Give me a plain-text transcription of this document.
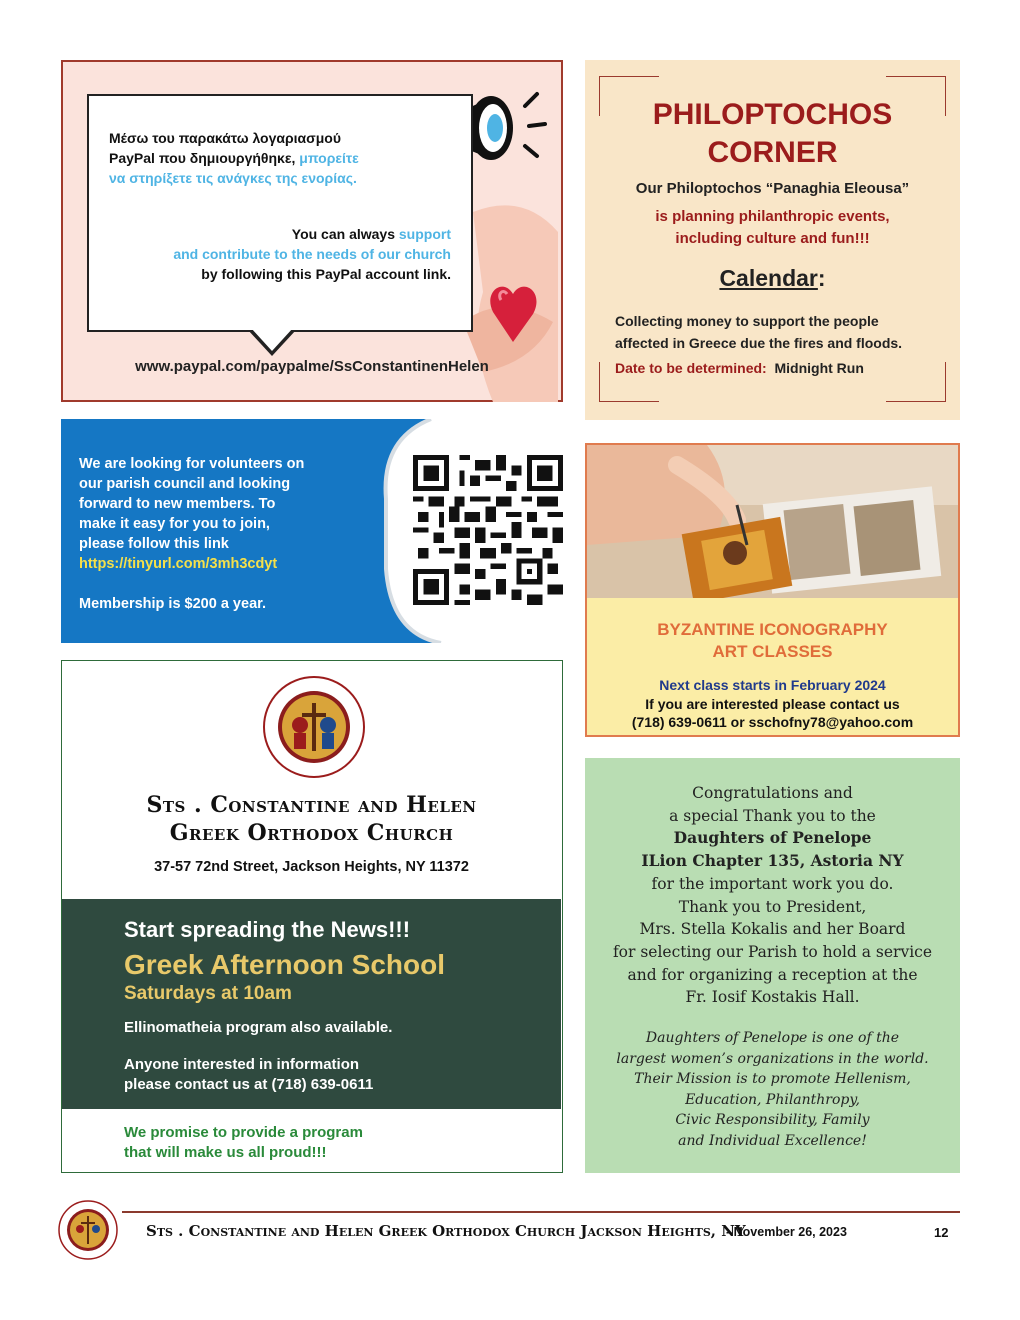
Μέσω του παρακάτω λογαριασμού
PayPal που δημιουργήθηκε, μπορείτε
να στηρίξετε τις ανάγκες της ενορίας.
You can always support
and contribute to the needs of our church
by following this PayPal account link.
www.paypal.com/paypalme/SsConstantinenHelen
PHILOPTOCHOS
CORNER
Our Philoptochos “Panaghia Eleousa”
is planning philanthropic events,
including culture and fun!!!
Calendar:
Collecting money to support the people
affected in Greece due the fires and floods.
Date to be determined: Midnight Run
We are looking for volunteers on
our parish council and looking
forward to new members. To
make it easy for you to join,
please follow this link
https://tinyurl.com/3mh3cdyt
Membership is $200 a year.
BYZANTINE ICONOGRAPHY
ART CLASSES
Next class starts in February 2024
If you are interested please contact us
(718) 639-0611 or sschofny78@yahoo.com
Sts . Constantine and Helen
Greek Orthodox Church
37-57 72nd Street, Jackson Heights, NY 11372
Start spreading the News!!!
Greek Afternoon School
Saturdays at 10am
Ellinomatheia program also available.
Anyone interested in information
please contact us at (718) 639-0611
We promise to provide a program
that will make us all proud!!!
Congratulations and
a special Thank you to the
Daughters of Penelope
ILion Chapter 135, Astoria NY
for the important work you do.
Thank you to President,
Mrs. Stella Kokalis and her Board
for selecting our Parish to hold a service
and for organizing a reception at the
Fr. Iosif Kostakis Hall.
Daughters of Penelope is one of the
largest women’s organizations in the world.
Their Mission is to promote Hellenism,
Education, Philanthropy,
Civic Responsibility, Family
and Individual Excellence!
Sts . Constantine and Helen Greek Orthodox Church Jackson Heights, NY
- November 26, 2023	12
